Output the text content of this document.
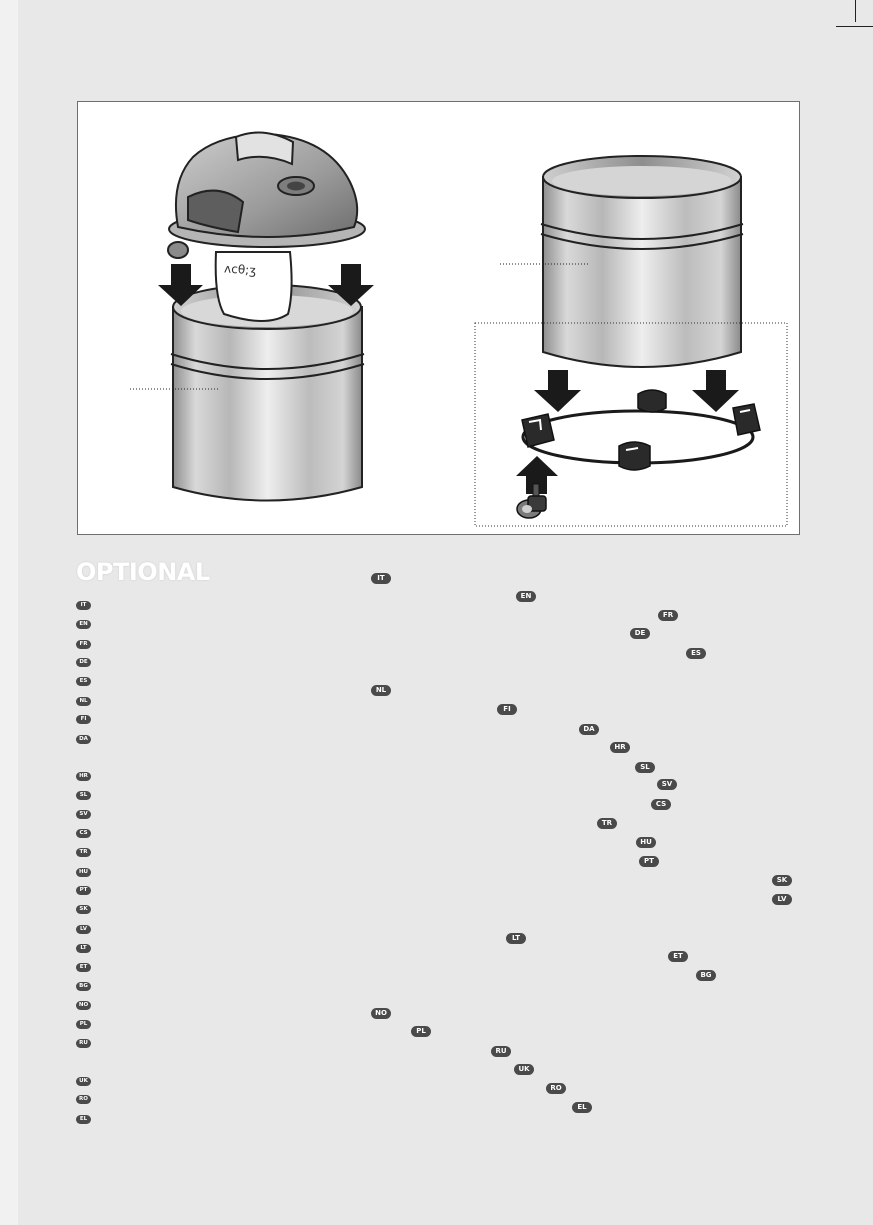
ʌcθ;ʒ
OPTIONAL
IT
EN
FR
DE
ES
NL
FI
DA
HR
SL
SV
CS
TR
HU
PT
SK
LV
LT
ET
BG
NO
PL
RU
UK
RO
EL
IT
EN
FR
DE
ES
NL
FI
DA
HR
SL
SV
CS
TR
HU
PT
SK
LV
LT
ET
BG
NO
PL
RU
UK
RO
EL
